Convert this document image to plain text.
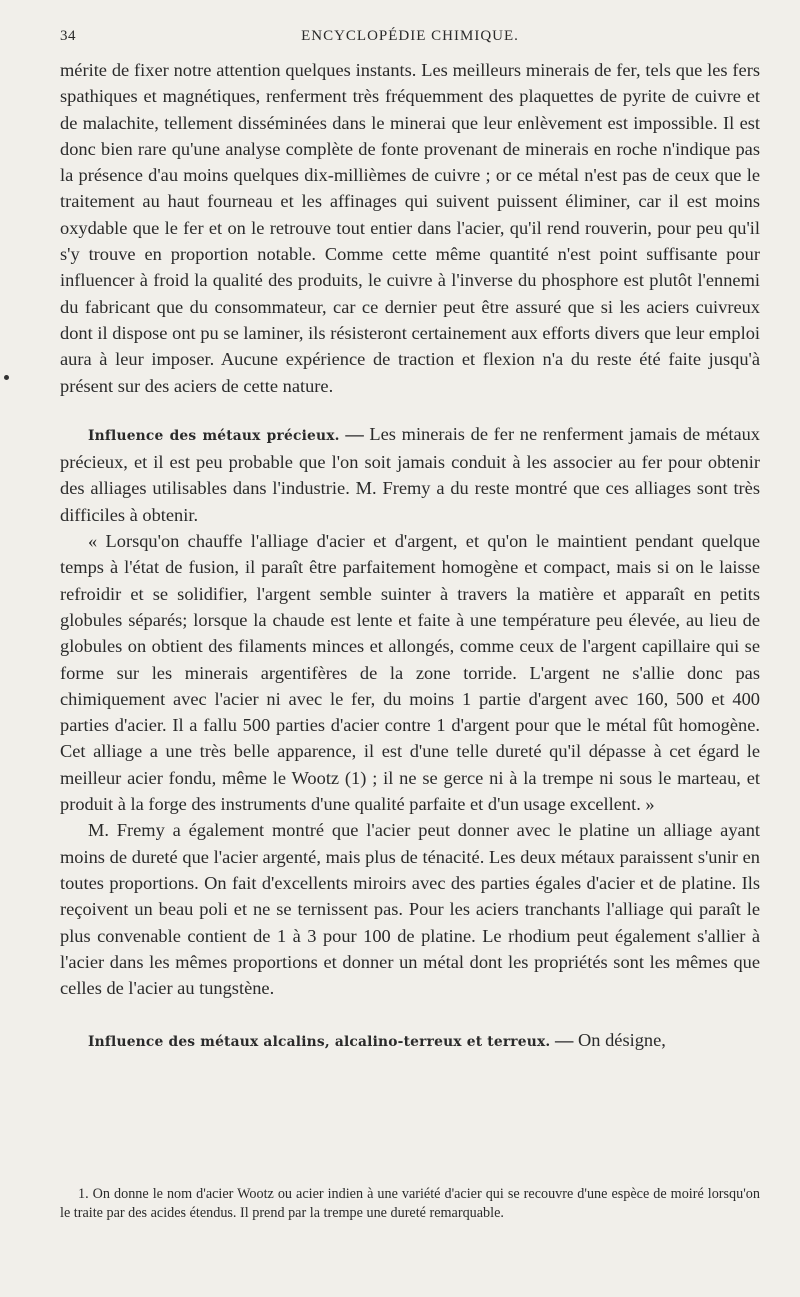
34	ENCYCLOPÉDIE CHIMIQUE.

mérite de fixer notre attention quelques instants. Les meilleurs minerais de fer, tels que les fers spathiques et magnétiques, renferment très fréquemment des plaquettes de pyrite de cuivre et de malachite, tellement disséminées dans le minerai que leur enlèvement est impossible. Il est donc bien rare qu'une analyse complète de fonte provenant de minerais en roche n'indique pas la présence d'au moins quelques dix-millièmes de cuivre ; or ce métal n'est pas de ceux que le traitement au haut fourneau et les affinages qui suivent puissent éliminer, car il est moins oxydable que le fer et on le retrouve tout entier dans l'acier, qu'il rend rouverin, pour peu qu'il s'y trouve en proportion notable. Comme cette même quantité n'est point suffisante pour influencer à froid la qualité des produits, le cuivre à l'inverse du phosphore est plutôt l'ennemi du fabricant que du consommateur, car ce dernier peut être assuré que si les aciers cuivreux dont il dispose ont pu se laminer, ils résisteront certainement aux efforts divers que leur emploi aura à leur imposer. Aucune expérience de traction et flexion n'a du reste été faite jusqu'à présent sur des aciers de cette nature.

Influence des métaux précieux. — Les minerais de fer ne renferment jamais de métaux précieux, et il est peu probable que l'on soit jamais conduit à les associer au fer pour obtenir des alliages utilisables dans l'industrie. M. Fremy a du reste montré que ces alliages sont très difficiles à obtenir.

« Lorsqu'on chauffe l'alliage d'acier et d'argent, et qu'on le maintient pendant quelque temps à l'état de fusion, il paraît être parfaitement homogène et compact, mais si on le laisse refroidir et se solidifier, l'argent semble suinter à travers la matière et apparaît en petits globules séparés; lorsque la chaude est lente et faite à une température peu élevée, au lieu de globules on obtient des filaments minces et allongés, comme ceux de l'argent capillaire qui se forme sur les minerais argentifères de la zone torride. L'argent ne s'allie donc pas chimiquement avec l'acier ni avec le fer, du moins 1 partie d'argent avec 160, 500 et 400 parties d'acier. Il a fallu 500 parties d'acier contre 1 d'argent pour que le métal fût homogène. Cet alliage a une très belle apparence, il est d'une telle dureté qu'il dépasse à cet égard le meilleur acier fondu, même le Wootz (1) ; il ne se gerce ni à la trempe ni sous le marteau, et produit à la forge des instruments d'une qualité parfaite et d'un usage excellent. »

M. Fremy a également montré que l'acier peut donner avec le platine un alliage ayant moins de dureté que l'acier argenté, mais plus de ténacité. Les deux métaux paraissent s'unir en toutes proportions. On fait d'excellents miroirs avec des parties égales d'acier et de platine. Ils reçoivent un beau poli et ne se ternissent pas. Pour les aciers tranchants l'alliage qui paraît le plus convenable contient de 1 à 3 pour 100 de platine. Le rhodium peut également s'allier à l'acier dans les mêmes proportions et donner un métal dont les propriétés sont les mêmes que celles de l'acier au tungstène.

Influence des métaux alcalins, alcalino-terreux et terreux. — On désigne,

1. On donne le nom d'acier Wootz ou acier indien à une variété d'acier qui se recouvre d'une espèce de moiré lorsqu'on le traite par des acides étendus. Il prend par la trempe une dureté remarquable.
